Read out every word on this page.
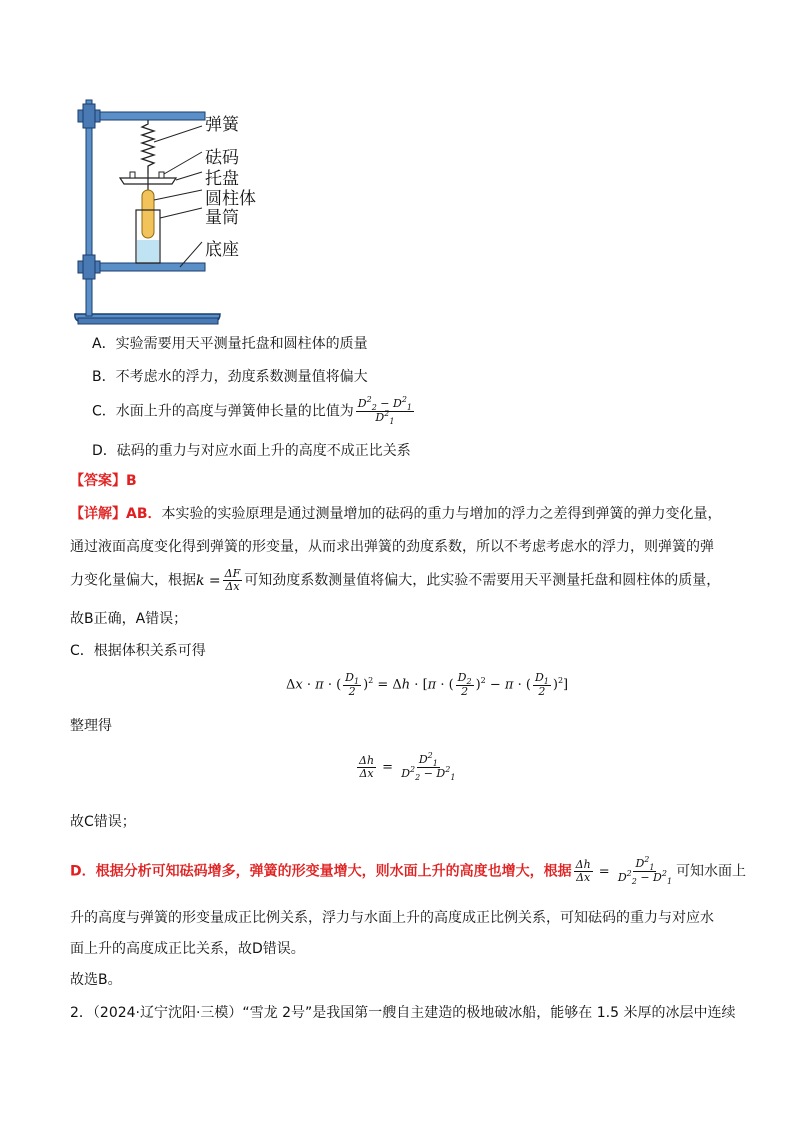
弹簧
砝码
托盘
圆柱体
量筒
底座
A．实验需要用天平测量托盘和圆柱体的质量
B．不考虑水的浮力，劲度系数测量值将偏大
C．水面上升的高度与弹簧伸长量的比值为 $\frac{D^2_2 - D^2_1}{D^2_1}$
D．砝码的重力与对应水面上升的高度不成正比关系
【答案】B
【详解】AB．本实验的实验原理是通过测量增加的砝码的重力与增加的浮力之差得到弹簧的弹力变化量，
通过液面高度变化得到弹簧的形变量，从而求出弹簧的劲度系数，所以不考虑考虑水的浮力，则弹簧的弹
力变化量偏大，根据$k = \frac{\Delta F}{\Delta x}$ 可知劲度系数测量值将偏大，此实验不需要用天平测量托盘和圆柱体的质量，
故B正确，A错误；
C．根据体积关系可得
Δx · π · ( $\frac{D_1}{2} )^2 = \Delta h \cdot [\pi$ · ( $\frac{D_2}{2} )^2 - \pi$ · ( $\frac{D_1}{2} )^2$]
整理得
$\frac{\Delta h}{\Delta x} = \frac{D^2_1}{D^2_2 - D^2_1}$
故C错误；
D．根据分析可知砝码增多，弹簧的形变量增大，则水面上升的高度也增大，根据 $\frac{\Delta h}{\Delta x} = \frac{D^2_1}{D^2_2 - D^2_1}$ 可知水面上
升的高度与弹簧的形变量成正比例关系，浮力与水面上升的高度成正比例关系，可知砝码的重力与对应水
面上升的高度成正比关系，故D错误。
故选B。
2．（2024·辽宁沈阳·三模）“雪龙 2号”是我国第一艘自主建造的极地破冰船，能够在 1.5 米厚的冰层中连续
